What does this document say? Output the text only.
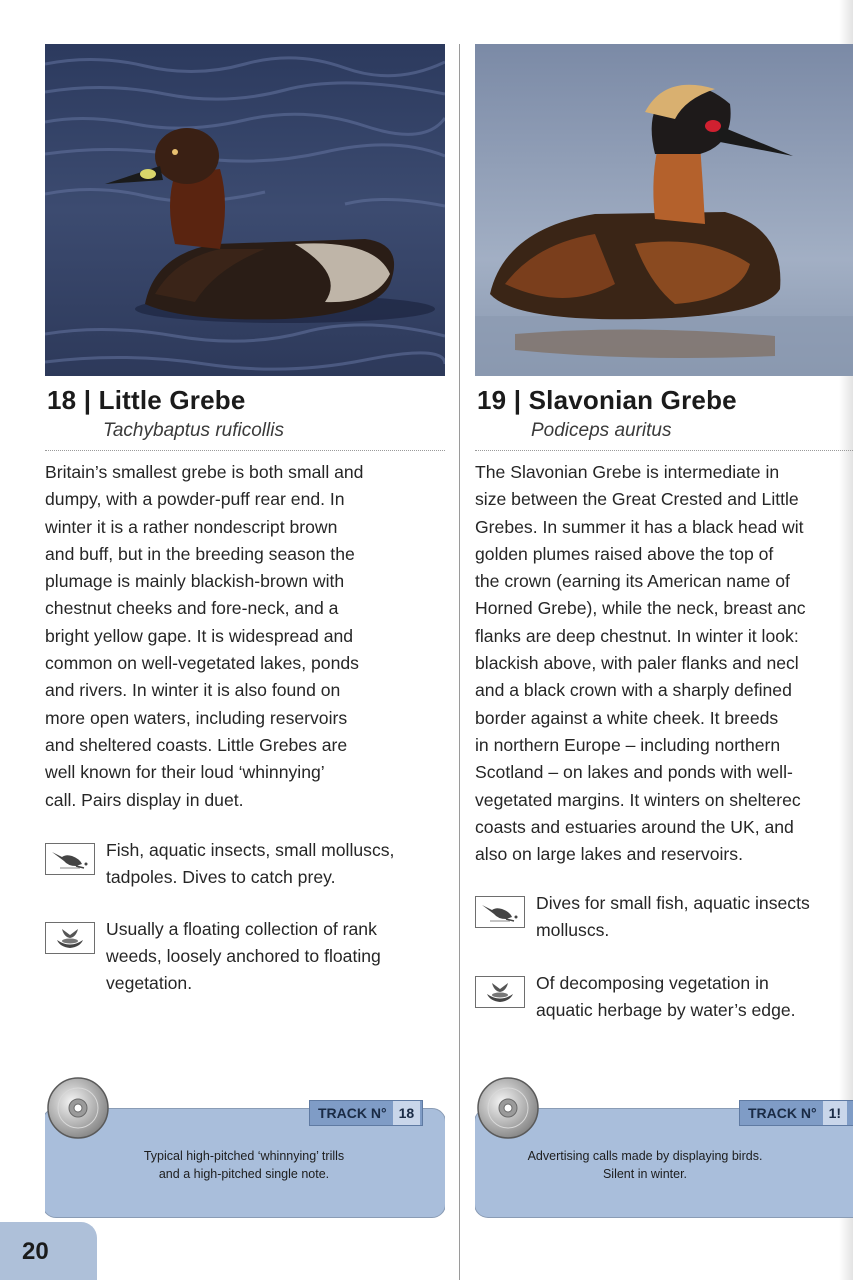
18 | Little Grebe

Tachybaptus ruficollis

Britain’s smallest grebe is both small and
dumpy, with a powder-puff rear end. In
winter it is a rather nondescript brown
and buff, but in the breeding season the
plumage is mainly blackish-brown with
chestnut cheeks and fore-neck, and a
bright yellow gape. It is widespread and
common on well-vegetated lakes, ponds
and rivers. In winter it is also found on
more open waters, including reservoirs
and sheltered coasts. Little Grebes are
well known for their loud ‘whinnying’
call. Pairs display in duet.

Fish, aquatic insects, small molluscs,
tadpoles. Dives to catch prey.

Usually a floating collection of rank
weeds, loosely anchored to floating
vegetation.

TRACK N° 18

Typical high-pitched ‘whinnying’ trills
and a high-pitched single note.

19 | Slavonian Grebe

Podiceps auritus

The Slavonian Grebe is intermediate in
size between the Great Crested and Little
Grebes. In summer it has a black head wit
golden plumes raised above the top of
the crown (earning its American name of
Horned Grebe), while the neck, breast anc
flanks are deep chestnut. In winter it look:
blackish above, with paler flanks and necl
and a black crown with a sharply defined
border against a white cheek. It breeds
in northern Europe – including northern
Scotland – on lakes and ponds with well-
vegetated margins. It winters on shelterec
coasts and estuaries around the UK, and
also on large lakes and reservoirs.

Dives for small fish, aquatic insects
molluscs.

Of decomposing vegetation in
aquatic herbage by water’s edge.

TRACK N° 1!

Advertising calls made by displaying birds.
Silent in winter.

20
